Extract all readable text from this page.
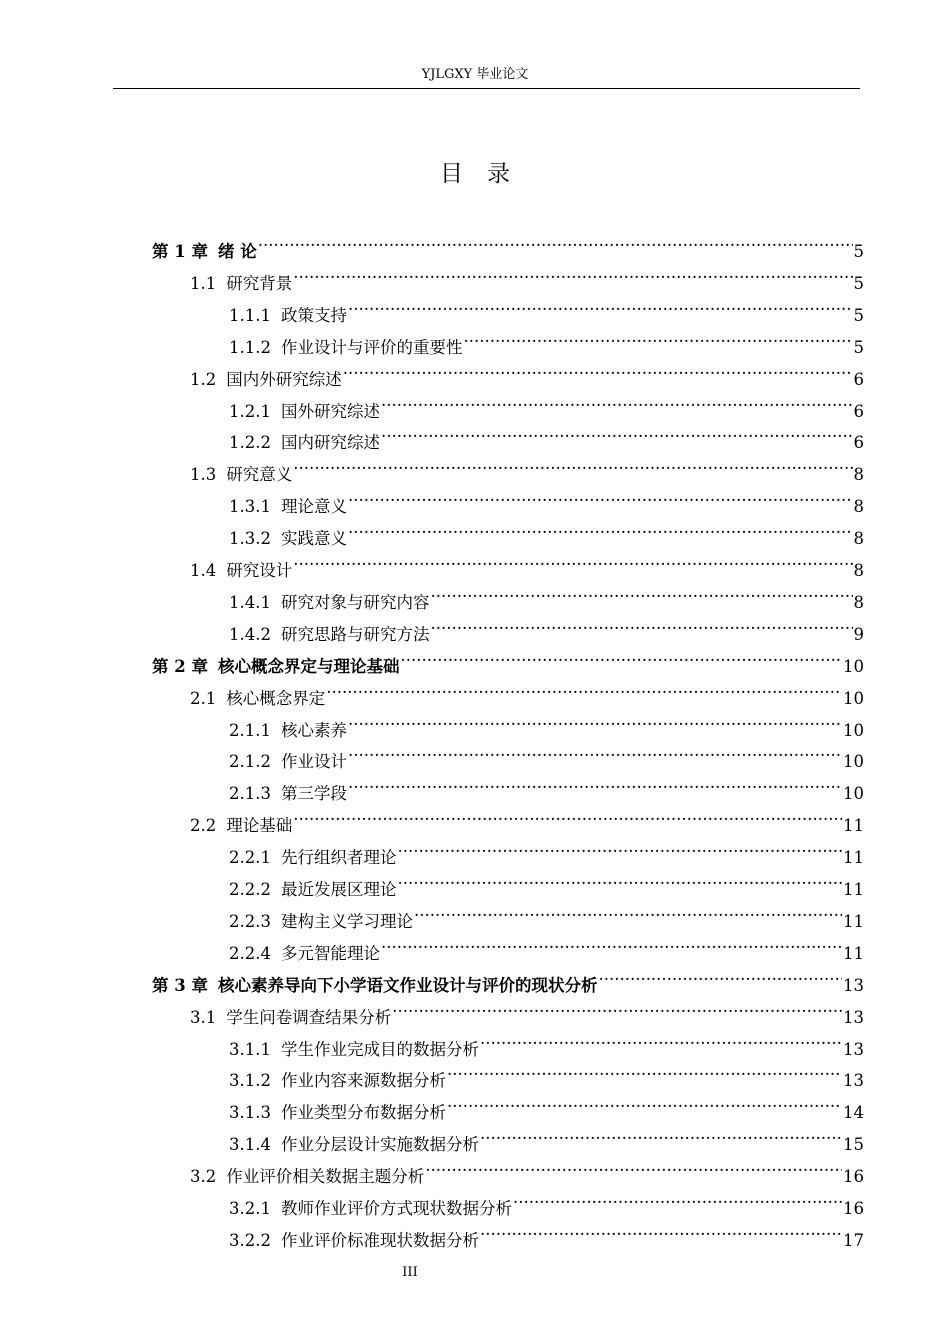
YJLGXY 毕业论文
目 录
第 1 章 绪 论 .....	5
1.1 研究背景 .....	5
1.1.1 政策支持 .....	5
1.1.2 作业设计与评价的重要性 .....	5
1.2 国内外研究综述 .....	6
1.2.1 国外研究综述 .....	6
1.2.2 国内研究综述 .....	6
1.3 研究意义 .....	8
1.3.1 理论意义 .....	8
1.3.2 实践意义 .....	8
1.4 研究设计 .....	8
1.4.1 研究对象与研究内容 .....	8
1.4.2 研究思路与研究方法 .....	9
第 2 章 核心概念界定与理论基础 .....	10
2.1 核心概念界定 .....	10
2.1.1 核心素养 .....	10
2.1.2 作业设计 .....	10
2.1.3 第三学段 .....	10
2.2 理论基础 .....	11
2.2.1 先行组织者理论 .....	11
2.2.2 最近发展区理论 .....	11
2.2.3 建构主义学习理论 .....	11
2.2.4 多元智能理论 .....	11
第 3 章 核心素养导向下小学语文作业设计与评价的现状分析 .....	13
3.1 学生问卷调查结果分析 .....	13
3.1.1 学生作业完成目的数据分析 .....	13
3.1.2 作业内容来源数据分析 .....	13
3.1.3 作业类型分布数据分析 .....	14
3.1.4 作业分层设计实施数据分析 .....	15
3.2 作业评价相关数据主题分析 .....	16
3.2.1 教师作业评价方式现状数据分析 .....	16
3.2.2 作业评价标准现状数据分析 .....	17
III
